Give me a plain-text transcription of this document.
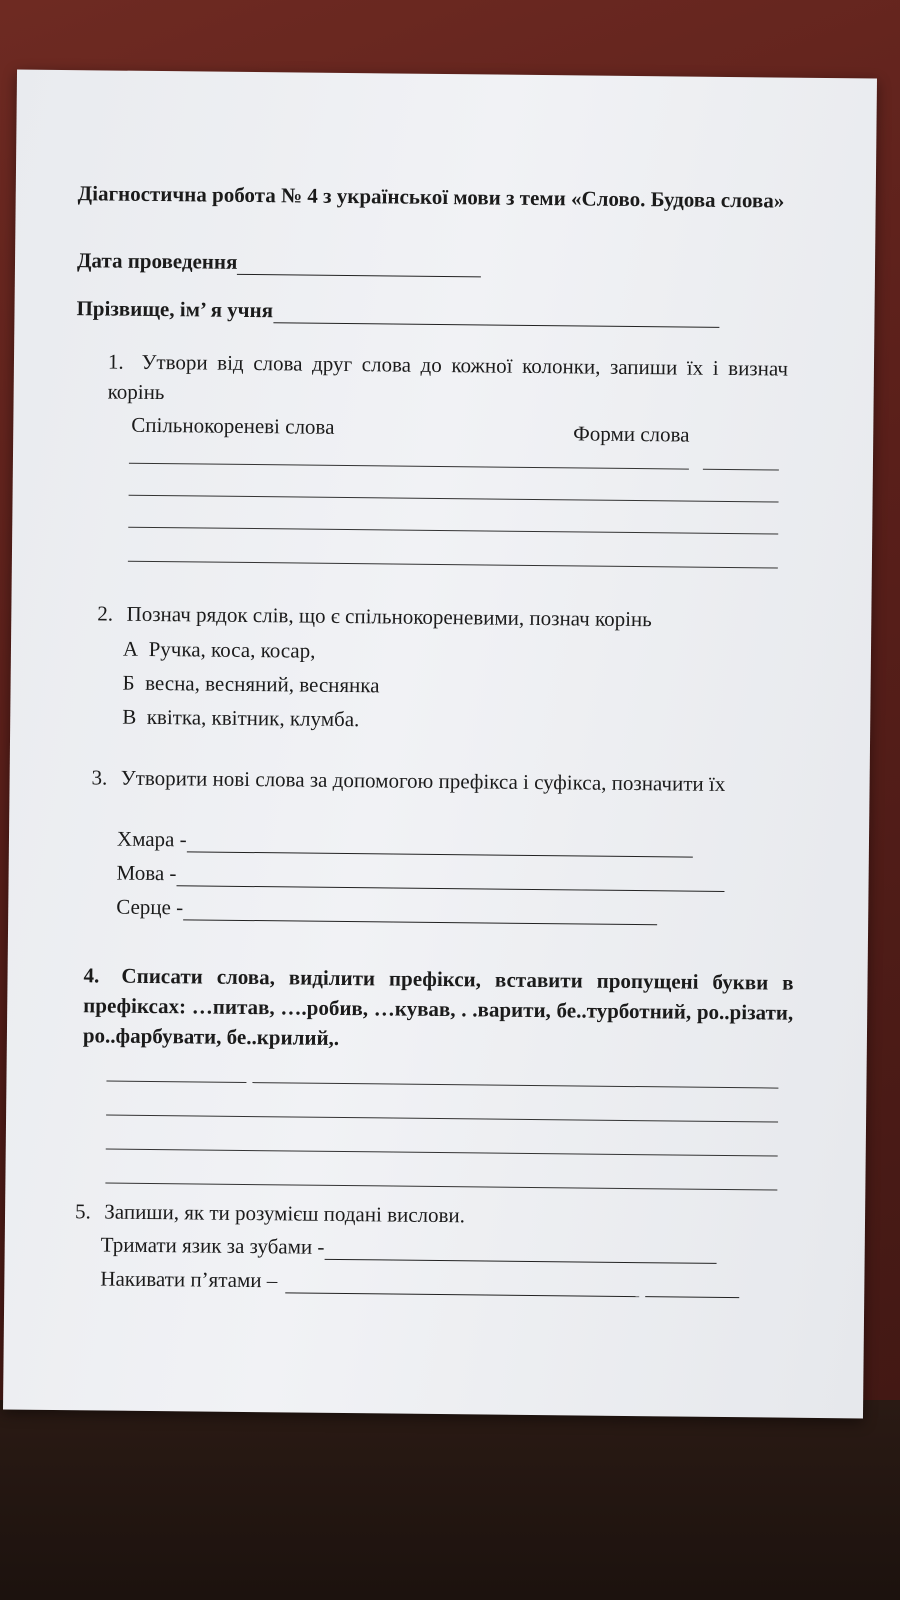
Діагностична робота № 4 з української мови з теми «Слово. Будова слова»
Дата проведення
Прізвище, ім’ я учня
1. Утвори від слова друг слова до кожної колонки, запиши їх і визнач корінь
Спільнокореневі слова	Форми слова
2. Познач рядок слів, що є спільнокореневими, познач корінь
А Ручка, коса, косар,
Б весна, весняний, веснянка
В квітка, квітник, клумба.
3. Утворити нові слова за допомогою префікса і суфікса, позначити їх
Хмара -
Мова -
Серце -
4. Списати слова, виділити префікси, вставити пропущені букви в префіксах: …питав, ….робив, …кував, . .варити, бе..турботний, ро..різати, ро..фарбувати, бе..крилий,.
5. Запиши, як ти розумієш подані вислови.
Тримати язик за зубами -
Накивати п’ятами –
